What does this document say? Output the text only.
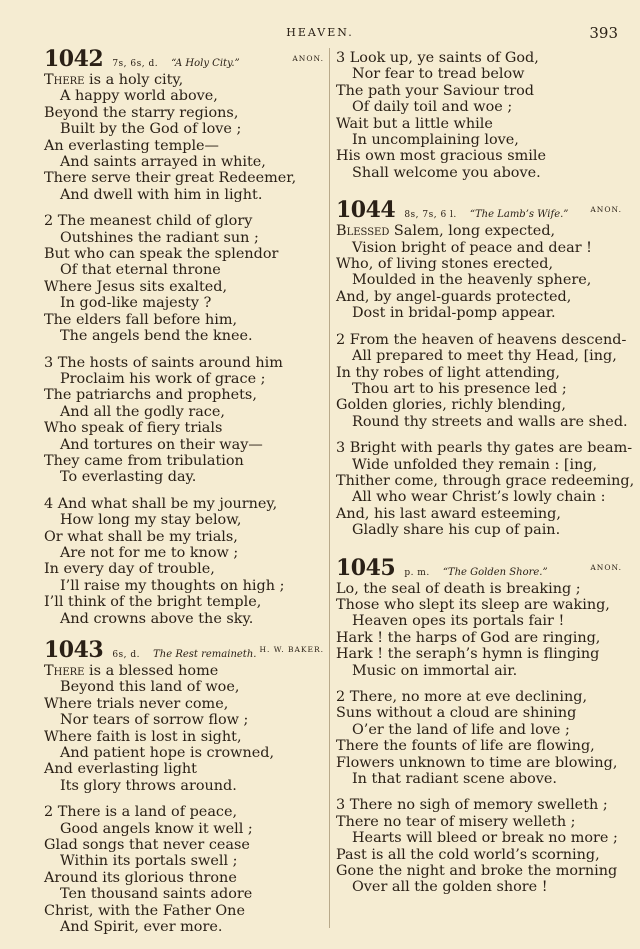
HEAVEN.	393
1042 7s, 6s, d. “A Holy City.”	ANON.
There is a holy city,
A happy world above,
Beyond the starry regions,
Built by the God of love ;
An everlasting temple—
And saints arrayed in white,
There serve their great Redeemer,
And dwell with him in light.
2 The meanest child of glory
Outshines the radiant sun ;
But who can speak the splendor
Of that eternal throne
Where Jesus sits exalted,
In god-like majesty ?
The elders fall before him,
The angels bend the knee.
3 The hosts of saints around him
Proclaim his work of grace ;
The patriarchs and prophets,
And all the godly race,
Who speak of fiery trials
And tortures on their way—
They came from tribulation
To everlasting day.
4 And what shall be my journey,
How long my stay below,
Or what shall be my trials,
Are not for me to know ;
In every day of trouble,
I’ll raise my thoughts on high ;
I’ll think of the bright temple,
And crowns above the sky.
1043 6s, d. The Rest remaineth. H. W. BAKER.
There is a blessed home
Beyond this land of woe,
Where trials never come,
Nor tears of sorrow flow ;
Where faith is lost in sight,
And patient hope is crowned,
And everlasting light
Its glory throws around.
2 There is a land of peace,
Good angels know it well ;
Glad songs that never cease
Within its portals swell ;
Around its glorious throne
Ten thousand saints adore
Christ, with the Father One
And Spirit, ever more.
3 Look up, ye saints of God,
Nor fear to tread below
The path your Saviour trod
Of daily toil and woe ;
Wait but a little while
In uncomplaining love,
His own most gracious smile
Shall welcome you above.
1044 8s, 7s, 6 l. “The Lamb’s Wife.”	ANON.
Blessed Salem, long expected,
Vision bright of peace and dear !
Who, of living stones erected,
Moulded in the heavenly sphere,
And, by angel-guards protected,
Dost in bridal-pomp appear.
2 From the heaven of heavens descend-
All prepared to meet thy Head, [ing,
In thy robes of light attending,
Thou art to his presence led ;
Golden glories, richly blending,
Round thy streets and walls are shed.
3 Bright with pearls thy gates are beam-
Wide unfolded they remain : [ing,
Thither come, through grace redeeming,
All who wear Christ’s lowly chain :
And, his last award esteeming,
Gladly share his cup of pain.
1045 p. m. “The Golden Shore.”	ANON.
Lo, the seal of death is breaking ;
Those who slept its sleep are waking,
Heaven opes its portals fair !
Hark ! the harps of God are ringing,
Hark ! the seraph’s hymn is flinging
Music on immortal air.
2 There, no more at eve declining,
Suns without a cloud are shining
O’er the land of life and love ;
There the founts of life are flowing,
Flowers unknown to time are blowing,
In that radiant scene above.
3 There no sigh of memory swelleth ;
There no tear of misery welleth ;
Hearts will bleed or break no more ;
Past is all the cold world’s scorning,
Gone the night and broke the morning
Over all the golden shore !
